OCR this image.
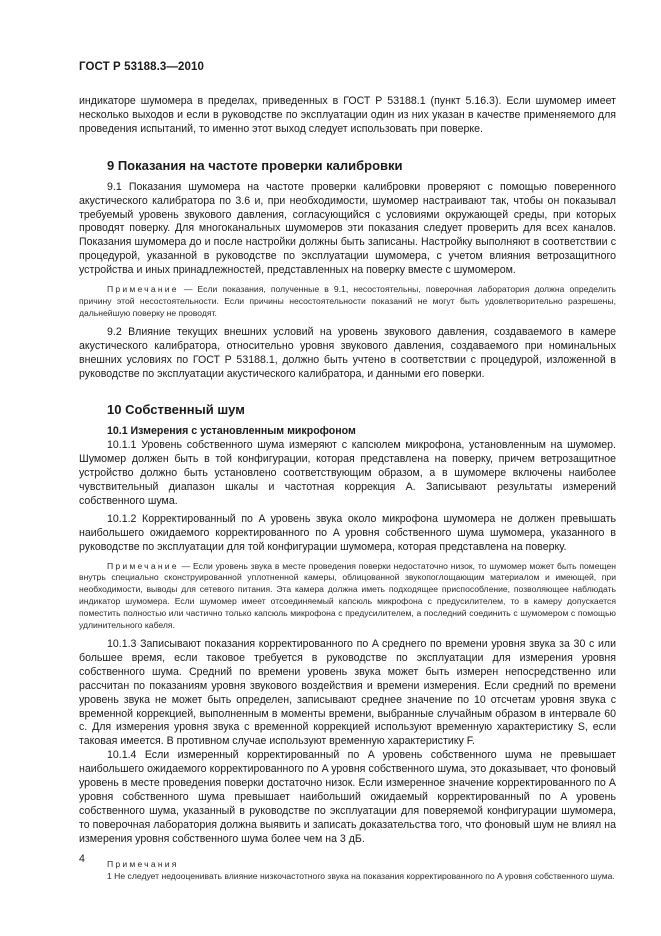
ГОСТ Р 53188.3—2010

индикаторе шумомера в пределах, приведенных в ГОСТ Р 53188.1 (пункт 5.16.3). Если шумомер имеет несколько выходов и если в руководстве по эксплуатации один из них указан в качестве применяемого для проведения испытаний, то именно этот выход следует использовать при поверке.

9 Показания на частоте проверки калибровки

9.1 Показания шумомера на частоте проверки калибровки проверяют с помощью поверенного акустического калибратора по 3.6 и, при необходимости, шумомер настраивают так, чтобы он показывал требуемый уровень звукового давления, согласующийся с условиями окружающей среды, при которых проводят поверку. Для многоканальных шумомеров эти показания следует проверить для всех каналов. Показания шумомера до и после настройки должны быть записаны. Настройку выполняют в соответствии с процедурой, указанной в руководстве по эксплуатации шумомера, с учетом влияния ветрозащитного устройства и иных принадлежностей, представленных на поверку вместе с шумомером.

Примечание — Если показания, полученные в 9.1, несостоятельны, поверочная лаборатория должна определить причину этой несостоятельности. Если причины несостоятельности показаний не могут быть удовлетворительно разрешены, дальнейшую поверку не проводят.

9.2 Влияние текущих внешних условий на уровень звукового давления, создаваемого в камере акустического калибратора, относительно уровня звукового давления, создаваемого при номинальных внешних условиях по ГОСТ Р 53188.1, должно быть учтено в соответствии с процедурой, изложенной в руководстве по эксплуатации акустического калибратора, и данными его поверки.

10 Собственный шум

10.1 Измерения с установленным микрофоном

10.1.1 Уровень собственного шума измеряют с капсюлем микрофона, установленным на шумомер. Шумомер должен быть в той конфигурации, которая представлена на поверку, причем ветрозащитное устройство должно быть установлено соответствующим образом, а в шумомере включены наиболее чувствительный диапазон шкалы и частотная коррекция A. Записывают результаты измерений собственного шума.

10.1.2 Корректированный по A уровень звука около микрофона шумомера не должен превышать наибольшего ожидаемого корректированного по A уровня собственного шума шумомера, указанного в руководстве по эксплуатации для той конфигурации шумомера, которая представлена на поверку.

Примечание — Если уровень звука в месте проведения поверки недостаточно низок, то шумомер может быть помещен внутрь специально сконструированной уплотненной камеры, облицованной звукопоглощающим материалом и имеющей, при необходимости, выводы для сетевого питания. Эта камера должна иметь подходящее приспособление, позволяющее наблюдать индикатор шумомера. Если шумомер имеет отсоединяемый капсюль микрофона с предусилителем, то в камеру допускается поместить полностью или частично только капсюль микрофона с предусилителем, а последний соединить с шумомером с помощью удлинительного кабеля.

10.1.3 Записывают показания корректированного по A среднего по времени уровня звука за 30 с или большее время, если таковое требуется в руководстве по эксплуатации для измерения уровня собственного шума. Средний по времени уровень звука может быть измерен непосредственно или рассчитан по показаниям уровня звукового воздействия и времени измерения. Если средний по времени уровень звука не может быть определен, записывают среднее значение по 10 отсчетам уровня звука с временной коррекцией, выполненным в моменты времени, выбранные случайным образом в интервале 60 с. Для измерения уровня звука с временной коррекцией используют временную характеристику S, если таковая имеется. В противном случае используют временную характеристику F.

10.1.4 Если измеренный корректированный по A уровень собственного шума не превышает наибольшего ожидаемого корректированного по A уровня собственного шума, это доказывает, что фоновый уровень в месте проведения поверки достаточно низок. Если измеренное значение корректированного по A уровня собственного шума превышает наибольший ожидаемый корректированный по A уровень собственного шума, указанный в руководстве по эксплуатации для поверяемой конфигурации шумомера, то поверочная лаборатория должна выявить и записать доказательства того, что фоновый шум не влиял на измерения уровня собственного шума более чем на 3 дБ.

Примечания

1 Не следует недооценивать влияние низкочастотного звука на показания корректированного по A уровня собственного шума.

4
